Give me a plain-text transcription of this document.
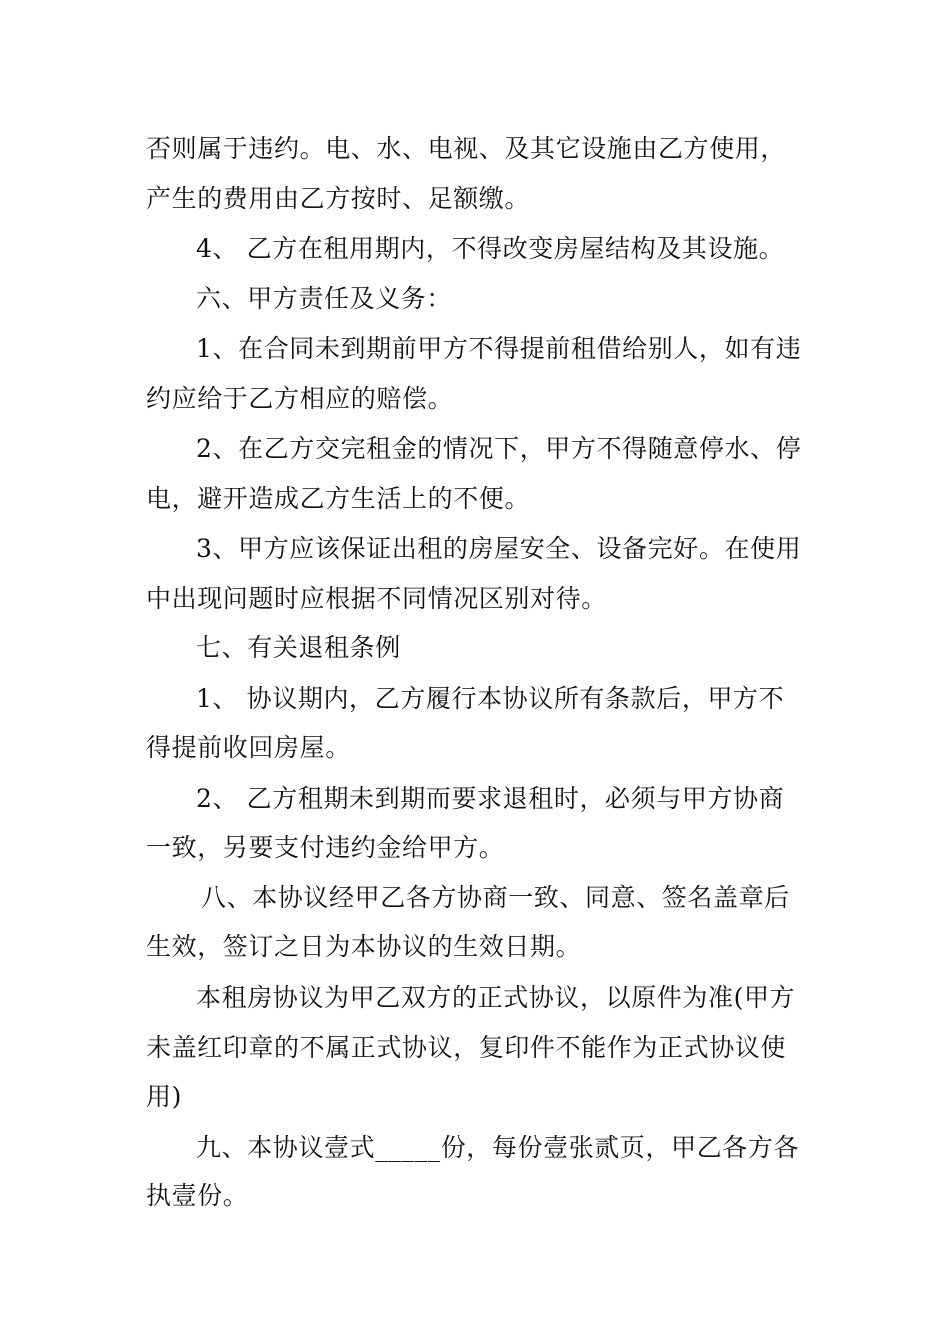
否则属于违约。电、水、电视、及其它设施由乙方使用，
产生的费用由乙方按时、足额缴。
4、 乙方在租用期内，不得改变房屋结构及其设施。
六、甲方责任及义务：
1、在合同未到期前甲方不得提前租借给别人，如有违
约应给于乙方相应的赔偿。
2、在乙方交完租金的情况下，甲方不得随意停水、停
电，避开造成乙方生活上的不便。
3、甲方应该保证出租的房屋安全、设备完好。在使用
中出现问题时应根据不同情况区别对待。
七、有关退租条例
1、 协议期内，乙方履行本协议所有条款后，甲方不
得提前收回房屋。
2、 乙方租期未到期而要求退租时，必须与甲方协商
一致，另要支付违约金给甲方。
八、本协议经甲乙各方协商一致、同意、签名盖章后
生效，签订之日为本协议的生效日期。
本租房协议为甲乙双方的正式协议，以原件为准(甲方
未盖红印章的不属正式协议，复印件不能作为正式协议使
用)
九、本协议壹式_____份，每份壹张贰页，甲乙各方各
执壹份。
